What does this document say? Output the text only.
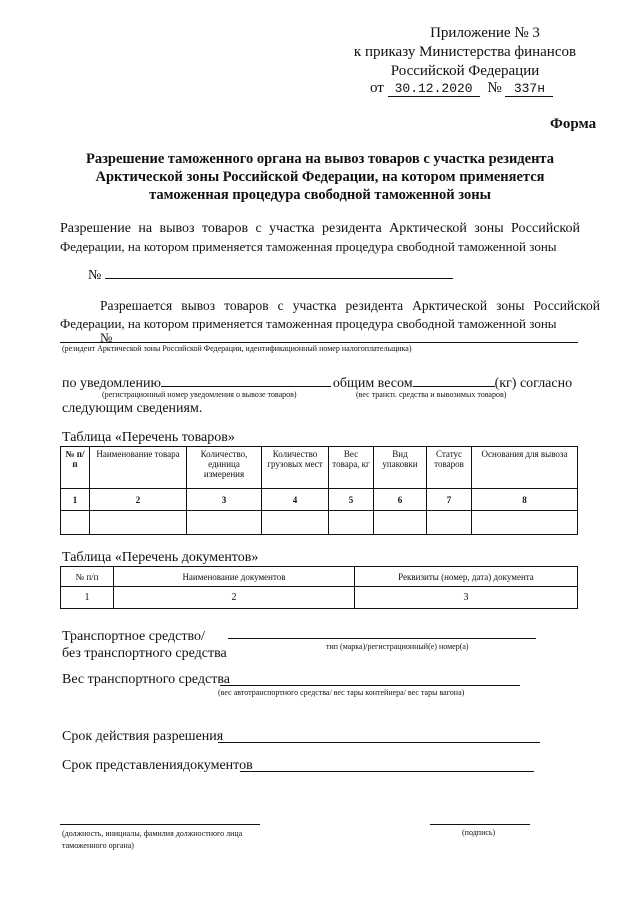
Приложение № 3
к приказу Министерства финансов
Российской Федерации
от 30.12.2020 № 337н
Форма
Разрешение таможенного органа на вывоз товаров с участка резидента
Арктической зоны Российской Федерации, на котором применяется
таможенная процедура свободной таможенной зоны
Разрешение на вывоз товаров с участка резидента Арктической зоны Российской
Федерации, на котором применяется таможенная процедура свободной таможенной зоны
№
Разрешается вывоз товаров с участка резидента Арктической зоны Российской
Федерации, на котором применяется таможенная процедура свободной таможенной зоны
№
(резидент Арктической зоны Российской Федерации, идентификационный номер налогоплательщика)
по уведомлению	общим весом	(кг) согласно
(регистрационный номер уведомления о вывозе товаров)	(вес трансп. средства и вывозимых товаров)
следующим сведениям.
Таблица «Перечень товаров»
№ п/п	Наименование товара	Количество, единица измерения	Количество грузовых мест	Вес товара, кг	Вид упаковки	Статус товаров	Основания для вывоза
1	2	3	4	5	6	7	8

Таблица «Перечень документов»
№ п/п	Наименование документов	Реквизиты (номер, дата) документа
1	2	3
Транспортное средство/
без транспортного средства	тип (марка)/регистрационный(е) номер(а)
Вес транспортного средства
(вес автотранспортного средства/ вес тары контейнера/ вес тары вагона)
Срок действия разрешения
Срок представлениядокументов
(должность, инициалы, фамилия должностного лица
таможенного органа)
(подпись)
